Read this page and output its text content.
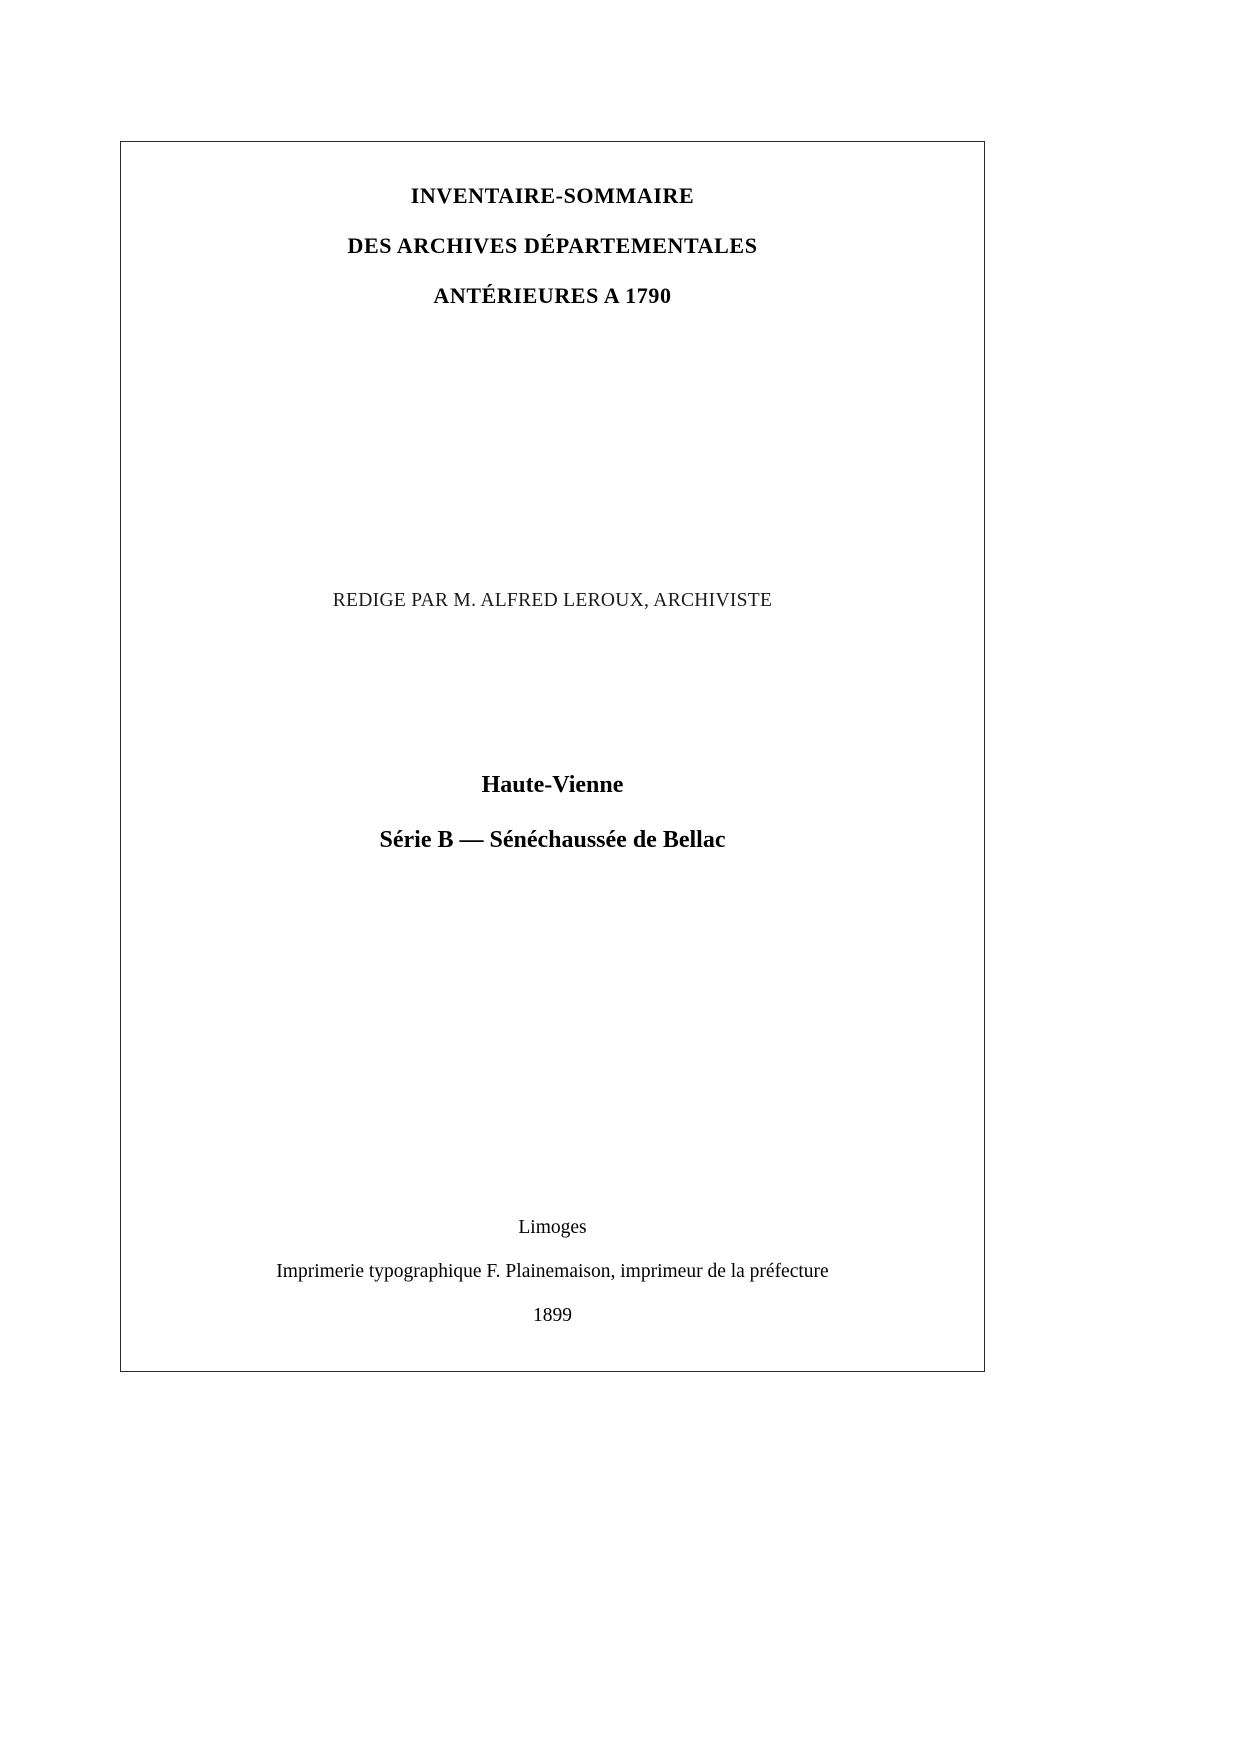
INVENTAIRE-SOMMAIRE
DES ARCHIVES DÉPARTEMENTALES
ANTÉRIEURES A 1790
REDIGE PAR M. ALFRED LEROUX, ARCHIVISTE
Haute-Vienne
Série B — Sénéchaussée de Bellac
Limoges
Imprimerie typographique F. Plainemaison, imprimeur de la préfecture
1899
